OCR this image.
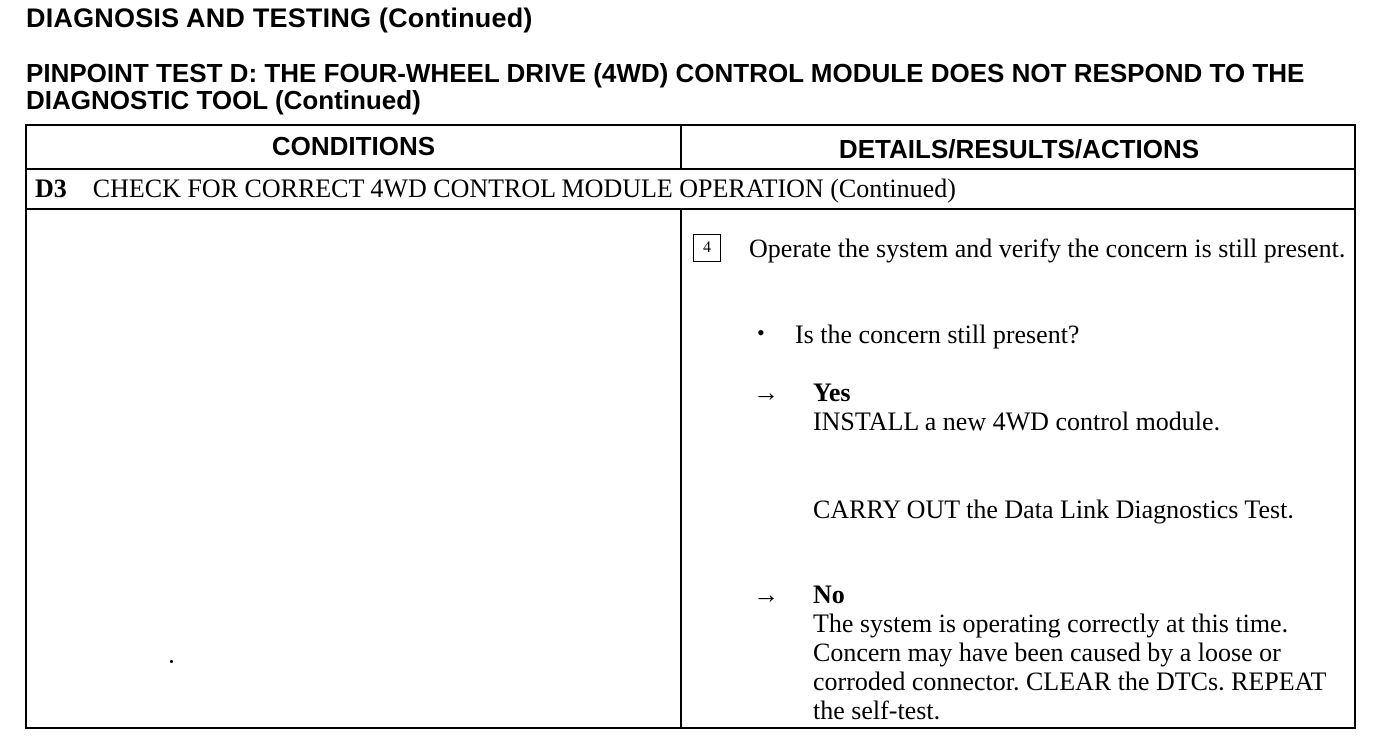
DIAGNOSIS AND TESTING (Continued)
PINPOINT TEST D: THE FOUR-WHEEL DRIVE (4WD) CONTROL MODULE DOES NOT RESPOND TO THE DIAGNOSTIC TOOL (Continued)
CONDITIONS	DETAILS/RESULTS/ACTIONS
D3 CHECK FOR CORRECT 4WD CONTROL MODULE OPERATION (Continued)
4	Operate the system and verify the concern is still present.
• Is the concern still present?
→ Yes
INSTALL a new 4WD control module.
CARRY OUT the Data Link Diagnostics Test.
→ No
The system is operating correctly at this time. Concern may have been caused by a loose or corroded connector. CLEAR the DTCs. REPEAT the self-test.
